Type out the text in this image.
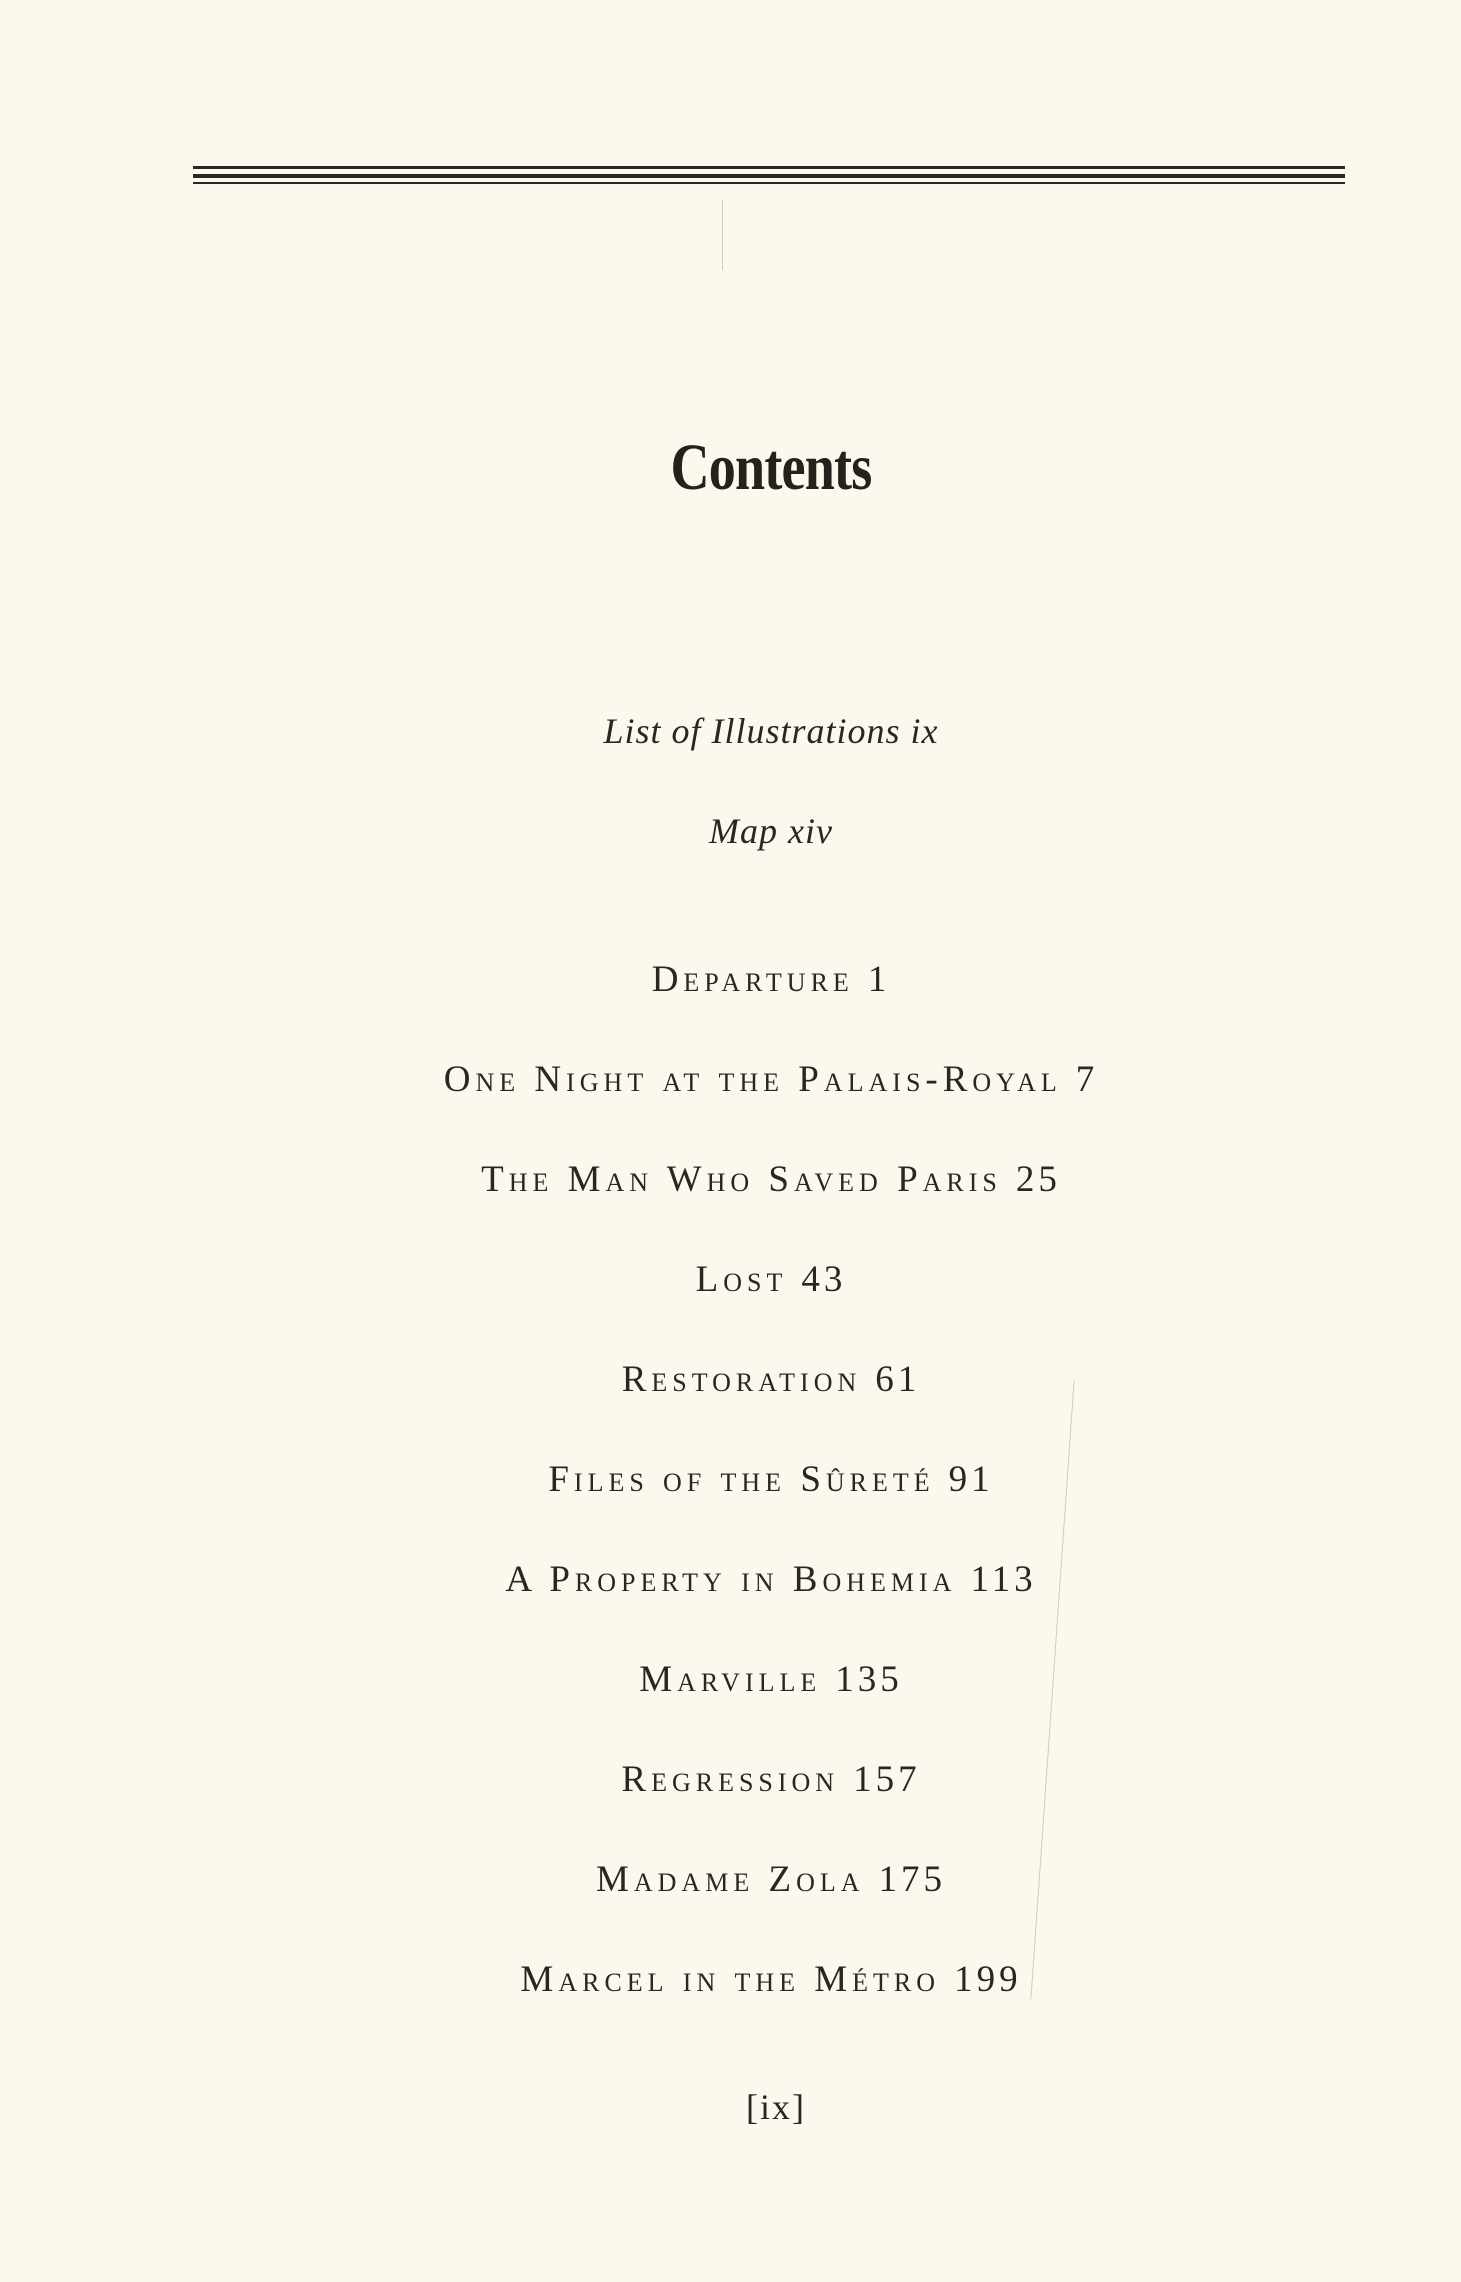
Contents
List of Illustrations ix
Map xiv
Departure 1
One Night at the Palais-Royal 7
The Man Who Saved Paris 25
Lost 43
Restoration 61
Files of the Sûreté 91
A Property in Bohemia 113
Marville 135
Regression 157
Madame Zola 175
Marcel in the Métro 199
[ix]
